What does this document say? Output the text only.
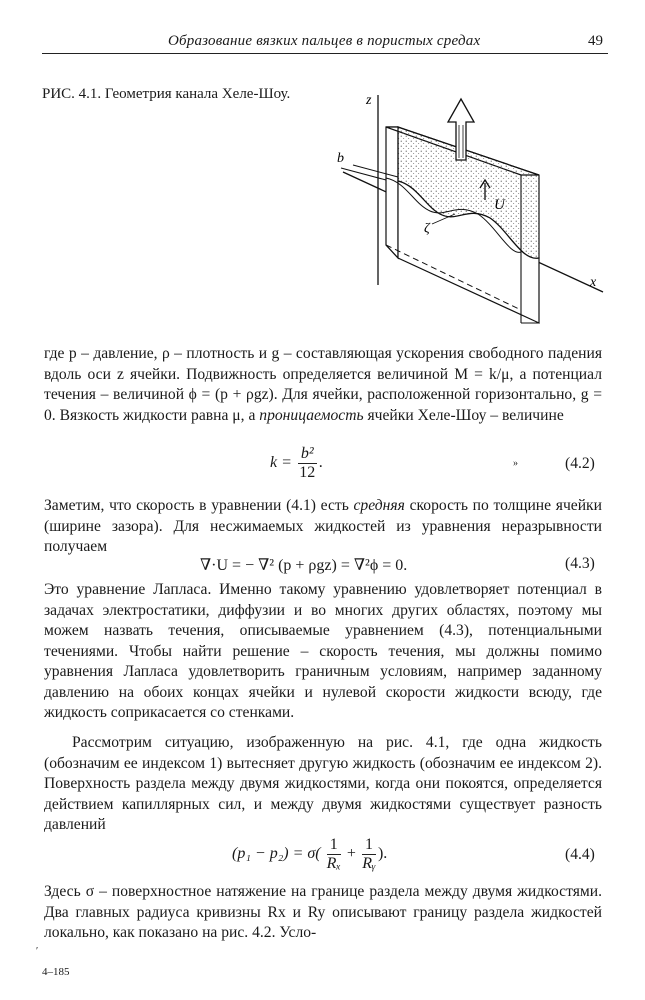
Образование вязких пальцев в пористых средах	49
РИС. 4.1. Геометрия канала Хеле-Шоу.	z
x
b
U
ζ

где p – давление, ρ – плотность и g – составляющая ускорения свободного падения вдоль оси z ячейки. Подвижность определяется величиной M = k/μ, а потенциал течения – величиной ϕ = (p + ρgz). Для ячейки, расположенной горизонтально, g = 0. Вязкость жидкости равна μ, а проницаемость ячейки Хеле-Шоу – величине

$k = \frac{\text{b²}}{12}$ .	»	(4.2)

Заметим, что скорость в уравнении (4.1) есть средняя скорость по толщине ячейки (ширине зазора). Для несжимаемых жидкостей из уравнения неразрывности получаем

∇·U = − ∇² (p + ρgz) = ∇²ϕ = 0.	(4.3)

Это уравнение Лапласа. Именно такому уравнению удовлетворяет потенциал в задачах электростатики, диффузии и во многих других областях, поэтому мы можем назвать течения, описываемые уравнением (4.3), потенциальными течениями. Чтобы найти решение – скорость течения, мы должны помимо уравнения Лапласа удовлетворить граничным условиям, например заданному давлению на обоих концах ячейки и нулевой скорости жидкости всюду, где жидкость соприкасается со стенками.

Рассмотрим ситуацию, изображенную на рис. 4.1, где одна жидкость (обозначим ее индексом 1) вытесняет другую жидкость (обозначим ее индексом 2). Поверхность раздела между двумя жидкостями, когда они покоятся, определяется действием капиллярных сил, и между двумя жидкостями существует разность давлений

$(p_1 - p_2) = \sigma( \frac{1}{\text{Rₓ}} + \frac{1}{\text{Rᵧ}}$ ).	(4.4)

Здесь σ – поверхностное натяжение на границе раздела между двумя жидкостями. Два главных радиуса кривизны Rx и Ry описывают границу раздела жидкостей локально, как показано на рис. 4.2. Усло-

ʹ
4–185
